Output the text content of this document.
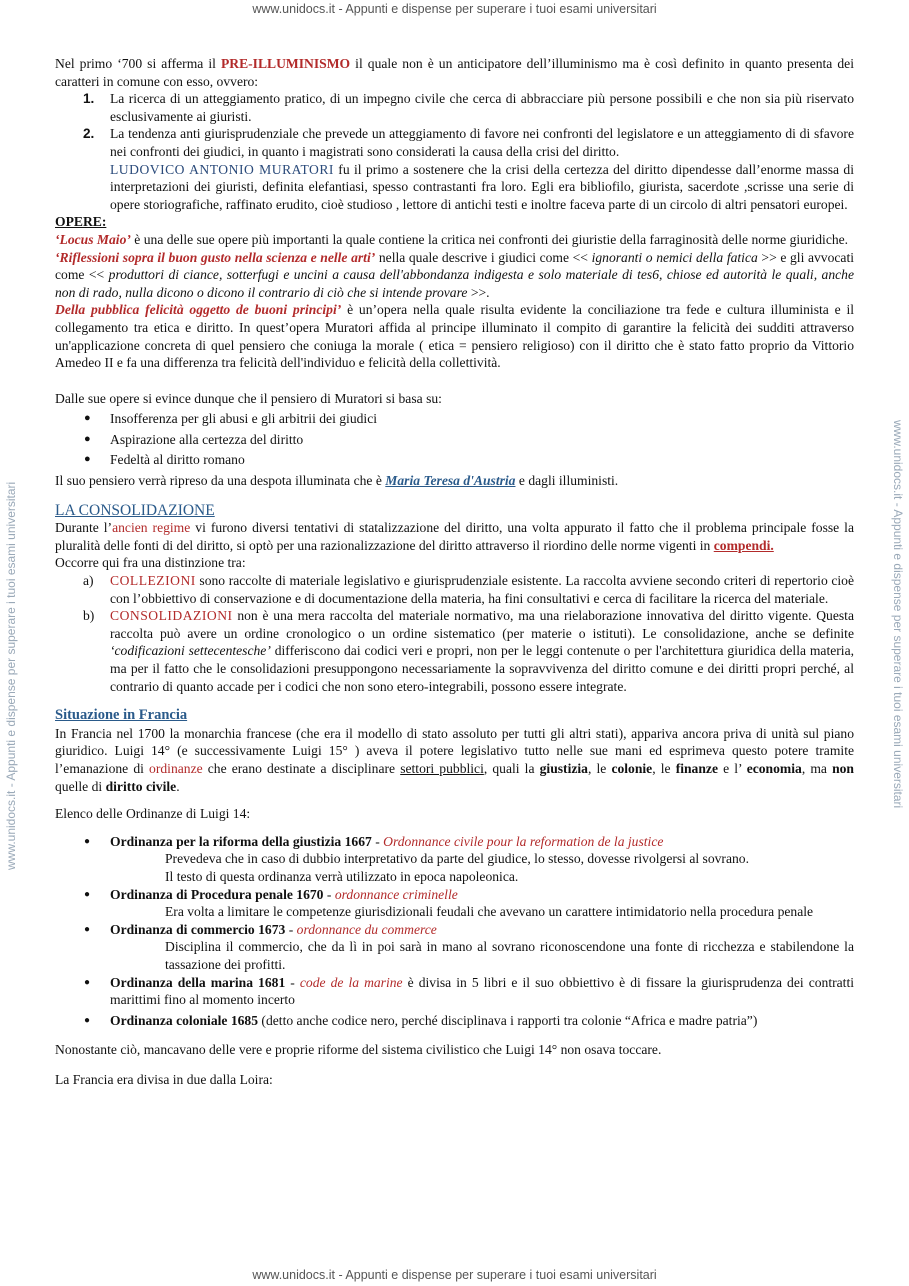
www.unidocs.it - Appunti e dispense per superare i tuoi esami universitari
www.unidocs.it - Appunti e dispense per superare i tuoi esami universitari	www.unidocs.it - Appunti e dispense per superare i tuoi esami universitari

Nel primo ‘700 si afferma il PRE-ILLUMINISMO il quale non è un anticipatore dell’illuminismo ma è così definito in quanto presenta dei caratteri in comune con esso, ovvero:

1. La ricerca di un atteggiamento pratico, di un impegno civile che cerca di abbracciare più persone possibili e che non sia più riservato esclusivamente ai giuristi.
2. La tendenza anti giurisprudenziale che prevede un atteggiamento di favore nei confronti del legislatore e un atteggiamento di di sfavore nei confronti dei giudici, in quanto i magistrati sono considerati la causa della crisi del diritto.
LUDOVICO ANTONIO MURATORI fu il primo a sostenere che la crisi della certezza del diritto dipendesse dall’enorme massa di interpretazioni dei giuristi, definita elefantiasi, spesso contrastanti fra loro. Egli era bibliofilo, giurista, sacerdote ,scrisse una serie di opere storiografiche, raffinato erudito, cioè studioso , lettore di antichi testi e inoltre faceva parte di un circolo di altri pensatori europei.

OPERE:

‘Locus Maio’ è una delle sue opere più importanti la quale contiene la critica nei confronti dei giuristie della farraginosità delle norme giuridiche.

‘Riflessioni sopra il buon gusto nella scienza e nelle arti’ nella quale descrive i giudici come << ignoranti o nemici della fatica >> e gli avvocati come << produttori di ciance, sotterfugi e uncini a causa dell'abbondanza indigesta e solo materiale di tes6, chiose ed autorità le quali, anche non di rado, nulla dicono o dicono il contrario di ciò che si intende provare >>.

Della pubblica felicità oggetto de buoni principi’ è un’opera nella quale risulta evidente la conciliazione tra fede e cultura illuminista e il collegamento tra etica e diritto. In quest’opera Muratori affida al principe illuminato il compito di garantire la felicità dei sudditi attraverso un'applicazione concreta di quel pensiero che coniuga la morale ( etica = pensiero religioso) con il diritto che è stato fatto proprio da Vittorio Amedeo II e fa una differenza tra felicità dell'individuo e felicità della collettività.

Dalle sue opere si evince dunque che il pensiero di Muratori si basa su:

● Insofferenza per gli abusi e gli arbitrii dei giudici
● Aspirazione alla certezza del diritto
● Fedeltà al diritto romano

Il suo pensiero verrà ripreso da una despota illuminata che è Maria Teresa d'Austria e dagli illuministi.

LA CONSOLIDAZIONE

Durante l’ancien regime vi furono diversi tentativi di statalizzazione del diritto, una volta appurato il fatto che il problema principale fosse la pluralità delle fonti di del diritto, si optò per una razionalizzazione del diritto attraverso il riordino delle norme vigenti in compendi.

Occorre qui fra una distinzione tra:

a) COLLEZIONI sono raccolte di materiale legislativo e giurisprudenziale esistente. La raccolta avviene secondo criteri di repertorio cioè con l’obbiettivo di conservazione e di documentazione della materia, ha fini consultativi e cerca di facilitare la ricerca del materiale.
b) CONSOLIDAZIONI non è una mera raccolta del materiale normativo, ma una rielaborazione innovativa del diritto vigente. Questa raccolta può avere un ordine cronologico o un ordine sistematico (per materie o istituti). Le consolidazione, anche se definite ‘codificazioni settecentesche’ differiscono dai codici veri e propri, non per le leggi contenute o per l'architettura giuridica della materia, ma per il fatto che le consolidazioni presuppongono necessariamente la sopravvivenza del diritto comune e dei diritti propri perché, al contrario di quanto accade per i codici che non sono etero-integrabili, possono essere integrate.

Situazione in Francia

In Francia nel 1700 la monarchia francese (che era il modello di stato assoluto per tutti gli altri stati), appariva ancora priva di unità sul piano giuridico. Luigi 14° (e successivamente Luigi 15° ) aveva il potere legislativo tutto nelle sue mani ed esprimeva questo potere tramite l’emanazione di ordinanze che erano destinate a disciplinare settori pubblici, quali la giustizia, le colonie, le finanze e l’ economia, ma non quelle di diritto civile.

Elenco delle Ordinanze di Luigi 14:

● Ordinanza per la riforma della giustizia 1667 - Ordonnance civile pour la reformation de la justice
Prevedeva che in caso di dubbio interpretativo da parte del giudice, lo stesso, dovesse rivolgersi al sovrano.
Il testo di questa ordinanza verrà utilizzato in epoca napoleonica.
● Ordinanza di Procedura penale 1670 - ordonnance criminelle
Era volta a limitare le competenze giurisdizionali feudali che avevano un carattere intimidatorio nella procedura penale
● Ordinanza di commercio 1673 - ordonnance du commerce
Disciplina il commercio, che da lì in poi sarà in mano al sovrano riconoscendone una fonte di ricchezza e stabilendone la tassazione dei profitti.
● Ordinanza della marina 1681 - code de la marine è divisa in 5 libri e il suo obbiettivo è di fissare la giurisprudenza dei contratti marittimi fino al momento incerto
● Ordinanza coloniale 1685 (detto anche codice nero, perché disciplinava i rapporti tra colonie “Africa e madre patria”)

Nonostante ciò, mancavano delle vere e proprie riforme del sistema civilistico che Luigi 14° non osava toccare.

La Francia era divisa in due dalla Loira:

www.unidocs.it - Appunti e dispense per superare i tuoi esami universitari
